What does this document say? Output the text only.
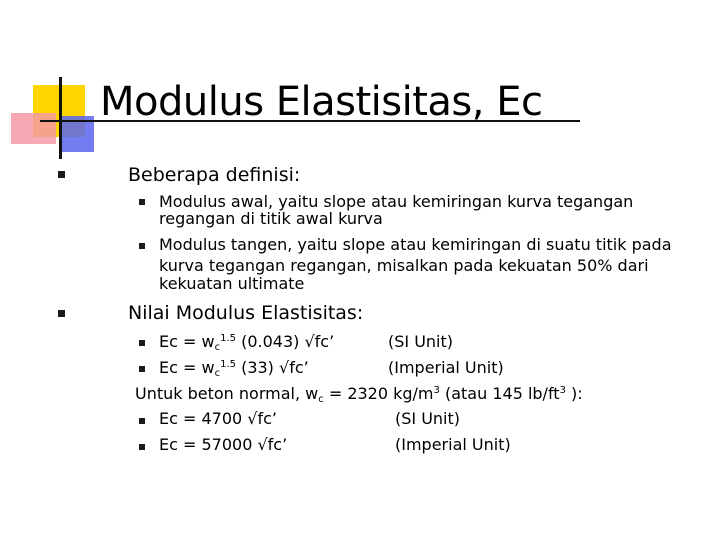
Modulus Elastisitas, Ec
Beberapa definisi:
Modulus awal, yaitu slope atau kemiringan kurva tegangan
regangan di titik awal kurva
Modulus tangen, yaitu slope atau kemiringan di suatu titik pada
kurva tegangan regangan, misalkan pada kekuatan 50% dari
kekuatan ultimate
Nilai Modulus Elastisitas:
$Ec = w_c^{1.5}$ (0.043) √fc’	(SI Unit)
$Ec = w_c^{1.5}$ (33) √fc’	(Imperial Unit)
Untuk beton normal, $w_c = 2320$ $kg/m^3$ (atau 145 $lb/ft^3$ ):
Ec = 4700 √fc’	(SI Unit)
Ec = 57000 √fc’	(Imperial Unit)
